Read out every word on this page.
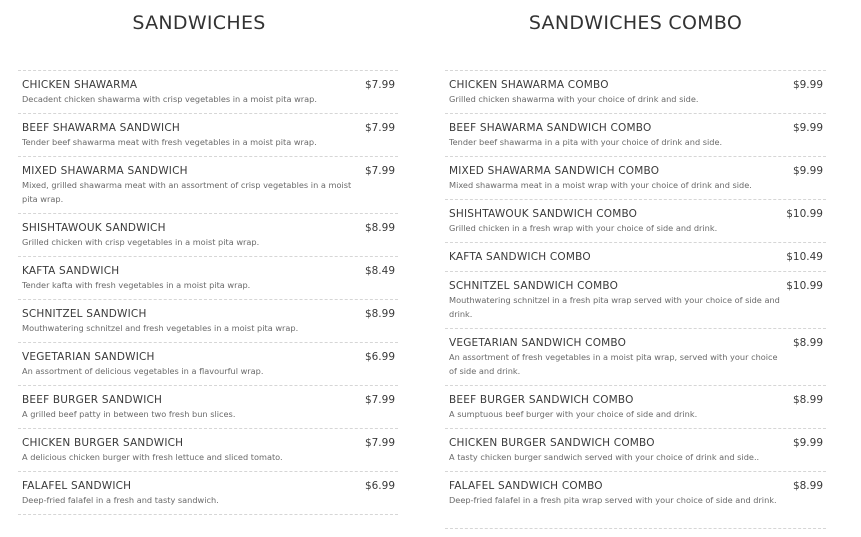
SANDWICHES
CHICKEN SHAWARMA	$7.99
Decadent chicken shawarma with crisp vegetables in a moist pita wrap.
BEEF SHAWARMA SANDWICH	$7.99
Tender beef shawarma meat with fresh vegetables in a moist pita wrap.
MIXED SHAWARMA SANDWICH	$7.99
Mixed, grilled shawarma meat with an assortment of crisp vegetables in a moist pita wrap.
SHISHTAWOUK SANDWICH	$8.99
Grilled chicken with crisp vegetables in a moist pita wrap.
KAFTA SANDWICH	$8.49
Tender kafta with fresh vegetables in a moist pita wrap.
SCHNITZEL SANDWICH	$8.99
Mouthwatering schnitzel and fresh vegetables in a moist pita wrap.
VEGETARIAN SANDWICH	$6.99
An assortment of delicious vegetables in a flavourful wrap.
BEEF BURGER SANDWICH	$7.99
A grilled beef patty in between two fresh bun slices.
CHICKEN BURGER SANDWICH	$7.99
A delicious chicken burger with fresh lettuce and sliced tomato.
FALAFEL SANDWICH	$6.99
Deep-fried falafel in a fresh and tasty sandwich.
SANDWICHES COMBO
CHICKEN SHAWARMA COMBO	$9.99
Grilled chicken shawarma with your choice of drink and side.
BEEF SHAWARMA SANDWICH COMBO	$9.99
Tender beef shawarma in a pita with your choice of drink and side.
MIXED SHAWARMA SANDWICH COMBO	$9.99
Mixed shawarma meat in a moist wrap with your choice of drink and side.
SHISHTAWOUK SANDWICH COMBO	$10.99
Grilled chicken in a fresh wrap with your choice of side and drink.
KAFTA SANDWICH COMBO	$10.49
SCHNITZEL SANDWICH COMBO	$10.99
Mouthwatering schnitzel in a fresh pita wrap served with your choice of side and drink.
VEGETARIAN SANDWICH COMBO	$8.99
An assortment of fresh vegetables in a moist pita wrap, served with your choice of side and drink.
BEEF BURGER SANDWICH COMBO	$8.99
A sumptuous beef burger with your choice of side and drink.
CHICKEN BURGER SANDWICH COMBO	$9.99
A tasty chicken burger sandwich served with your choice of drink and side..
FALAFEL SANDWICH COMBO	$8.99
Deep-fried falafel in a fresh pita wrap served with your choice of side and drink.
